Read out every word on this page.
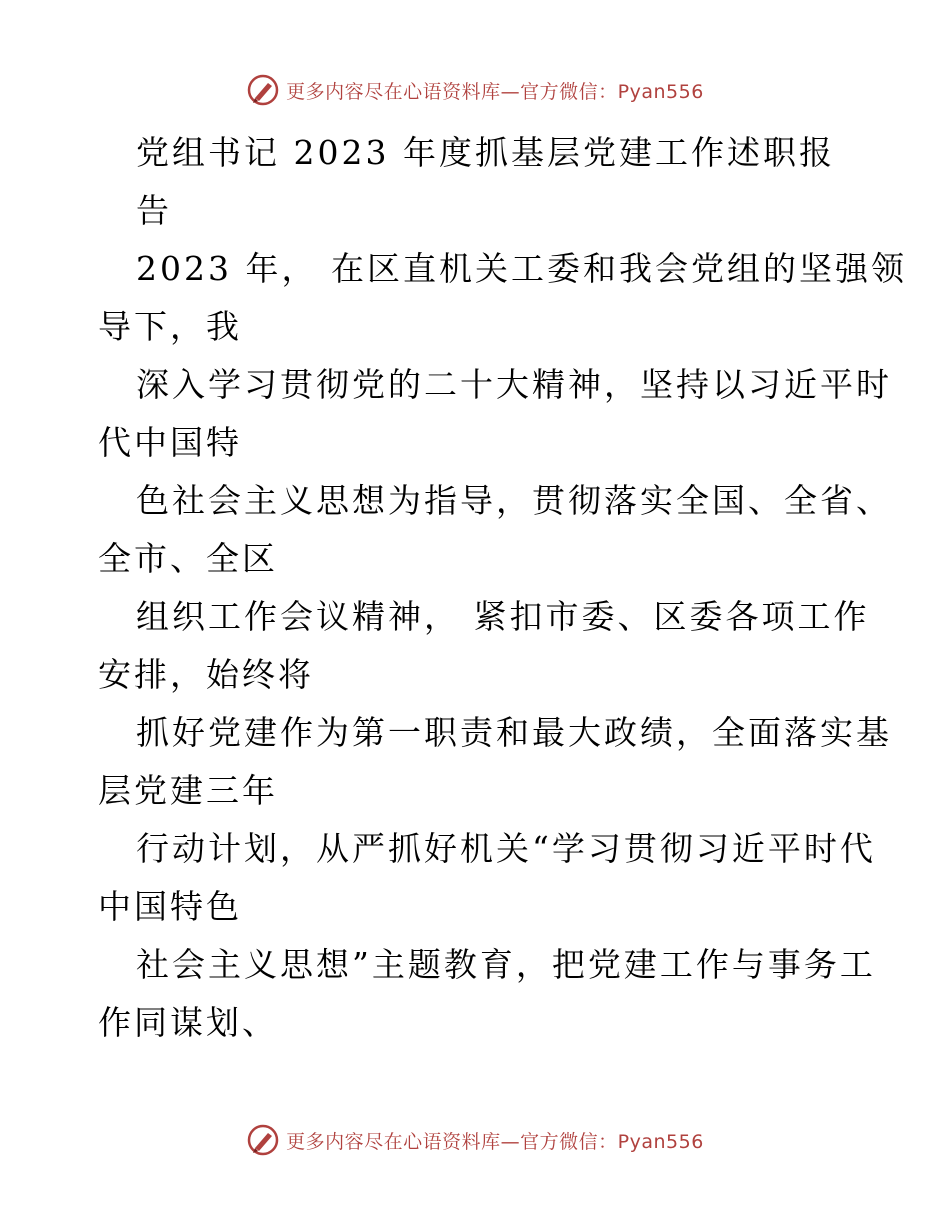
更多内容尽在心语资料库—官方微信：Pyan556
党组书记 2023 年度抓基层党建工作述职报
告
2023 年， 在区直机关工委和我会党组的坚强领
导下，我
深入学习贯彻党的二十大精神，坚持以习近平时
代中国特
色社会主义思想为指导，贯彻落实全国、全省、
全市、全区
组织工作会议精神， 紧扣市委、区委各项工作
安排，始终将
抓好党建作为第一职责和最大政绩，全面落实基
层党建三年
行动计划，从严抓好机关“学习贯彻习近平时代
中国特色
社会主义思想”主题教育，把党建工作与事务工
作同谋划、
更多内容尽在心语资料库—官方微信：Pyan556
